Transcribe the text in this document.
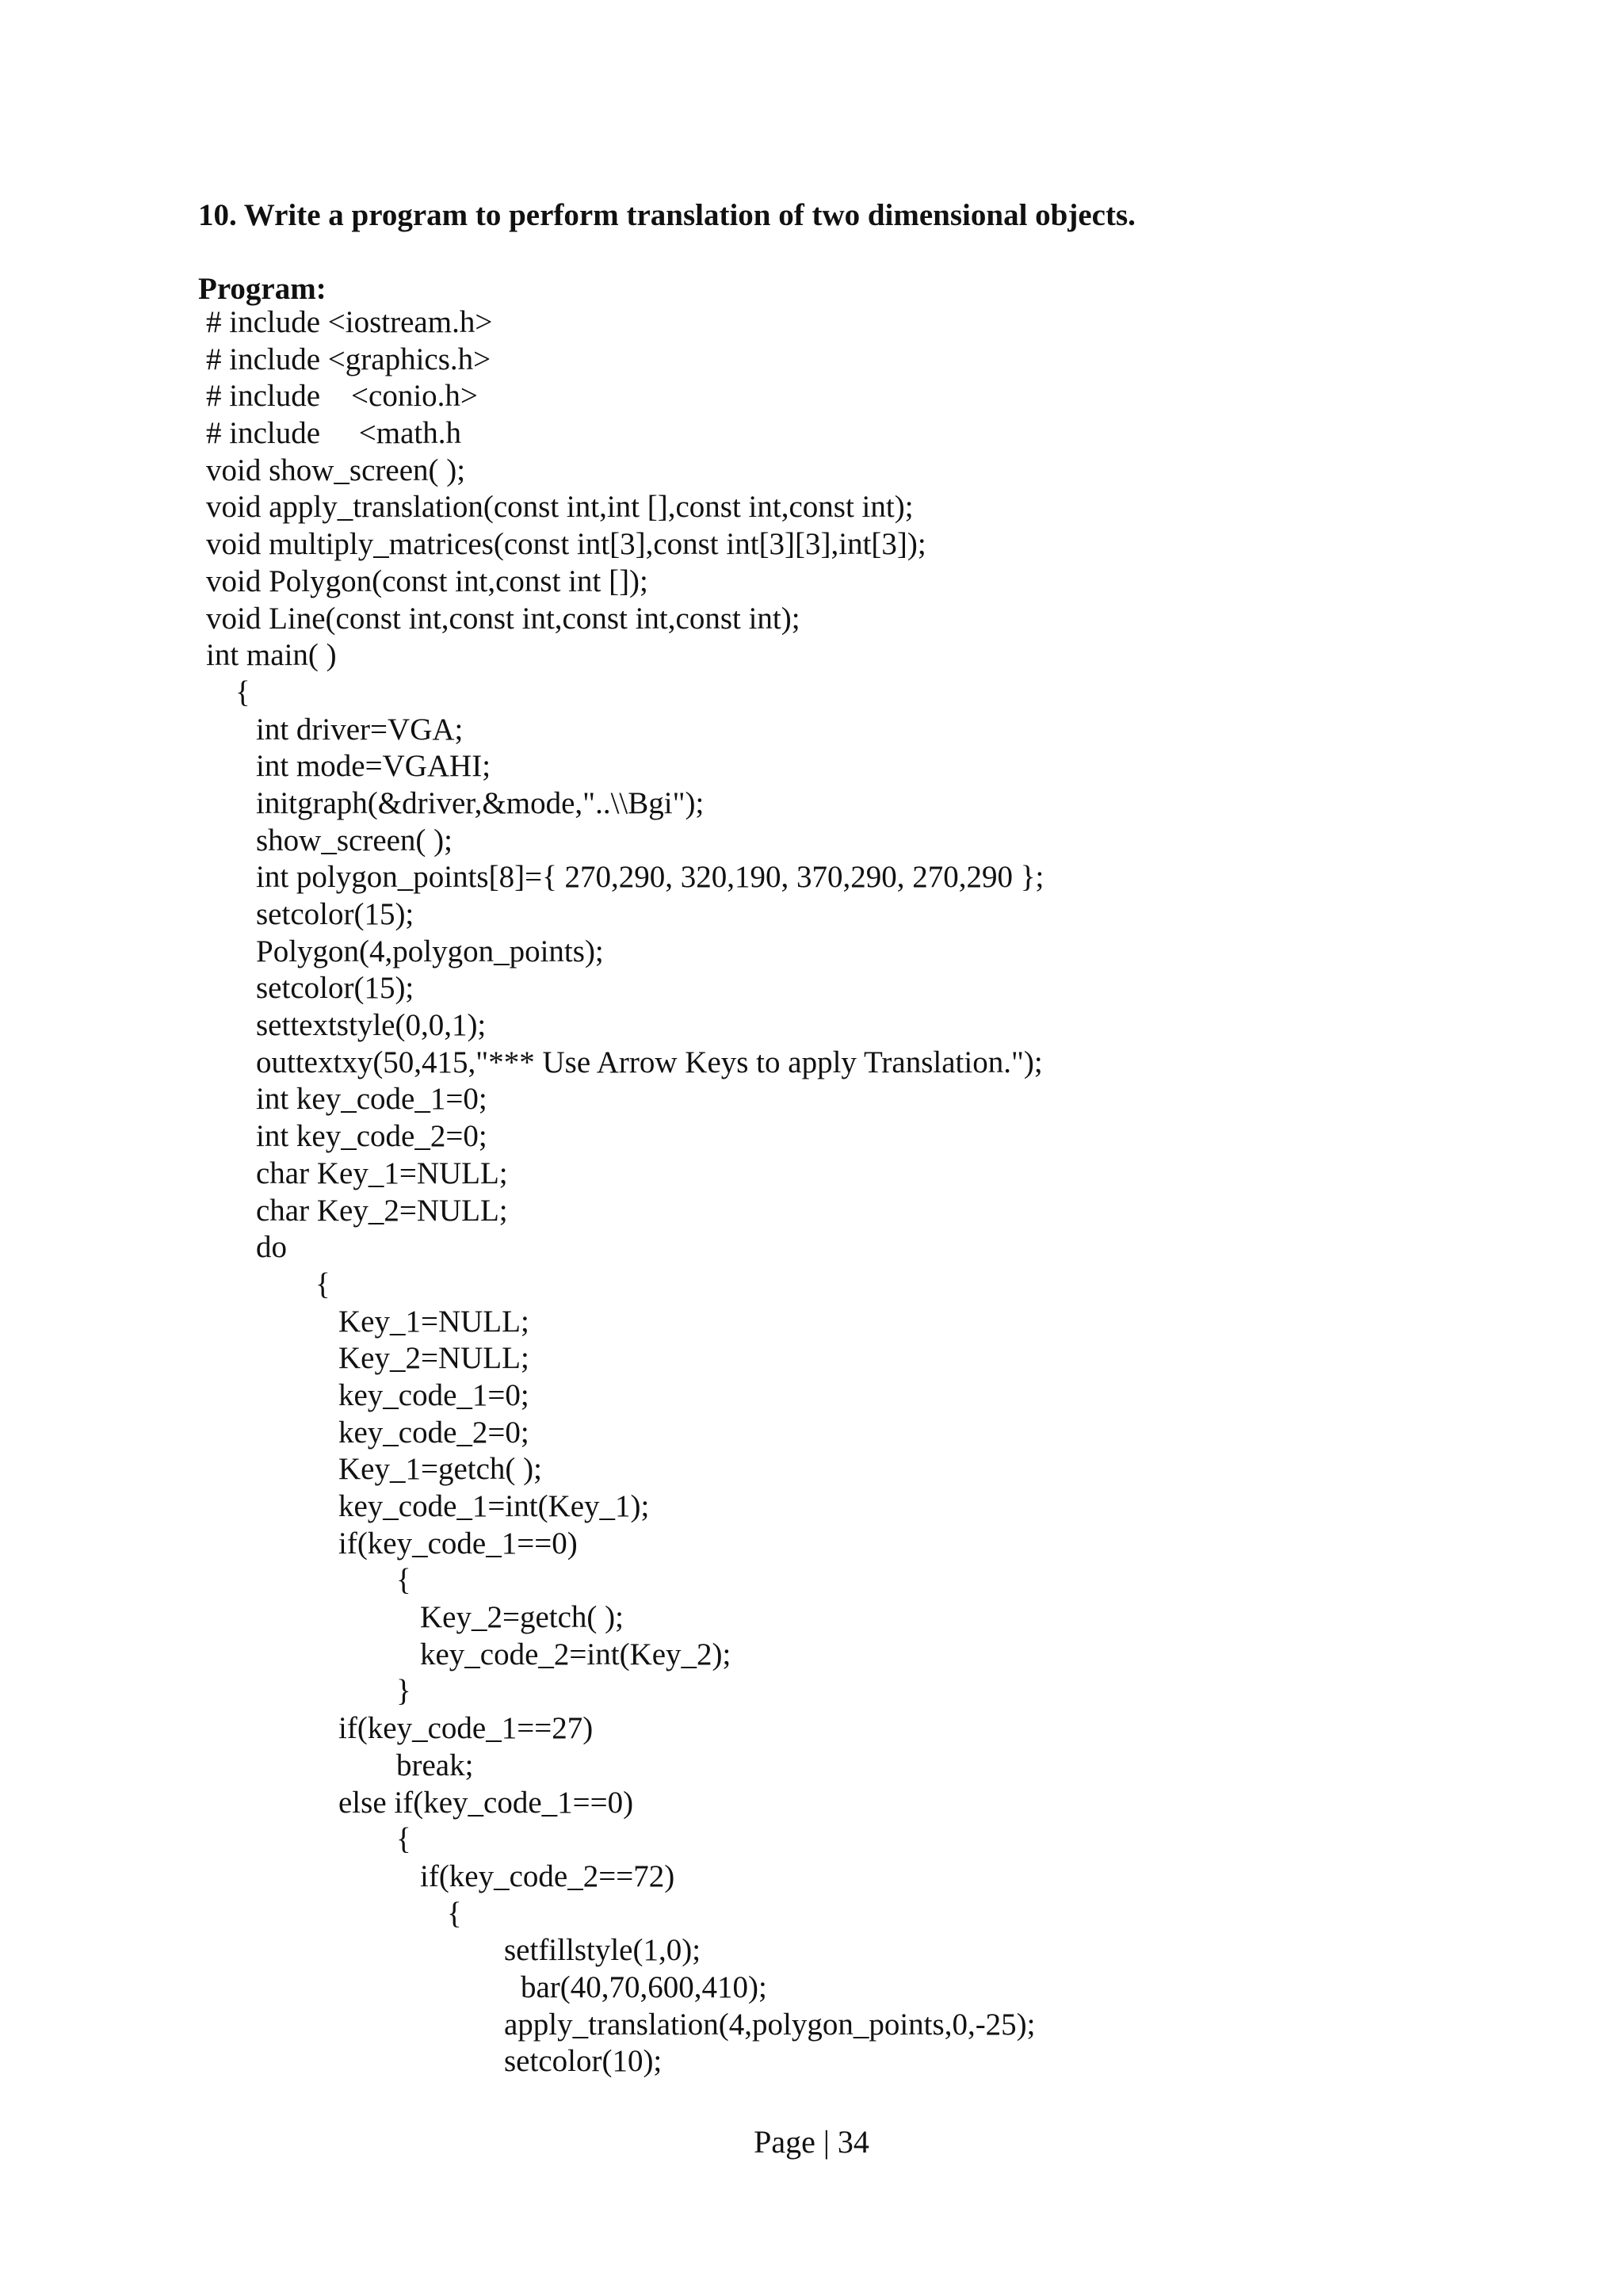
10. Write a program to perform translation of two dimensional objects.
Program:
# include <iostream.h>
# include <graphics.h>
# include    <conio.h>
# include     <math.h
void show_screen( );
void apply_translation(const int,int [],const int,const int);
void multiply_matrices(const int[3],const int[3][3],int[3]);
void Polygon(const int,const int []);
void Line(const int,const int,const int,const int);
int main( )
{
int driver=VGA;
int mode=VGAHI;
initgraph(&driver,&mode,"..\\Bgi");
show_screen( );
int polygon_points[8]={ 270,290, 320,190, 370,290, 270,290 };
setcolor(15);
Polygon(4,polygon_points);
setcolor(15);
settextstyle(0,0,1);
outtextxy(50,415,"*** Use Arrow Keys to apply Translation.");
int key_code_1=0;
int key_code_2=0;
char Key_1=NULL;
char Key_2=NULL;
do
{
Key_1=NULL;
Key_2=NULL;
key_code_1=0;
key_code_2=0;
Key_1=getch( );
key_code_1=int(Key_1);
if(key_code_1==0)
{
Key_2=getch( );
key_code_2=int(Key_2);
}
if(key_code_1==27)
break;
else if(key_code_1==0)
{
if(key_code_2==72)
{
setfillstyle(1,0);
bar(40,70,600,410);
apply_translation(4,polygon_points,0,-25);
setcolor(10);
Page | 34
